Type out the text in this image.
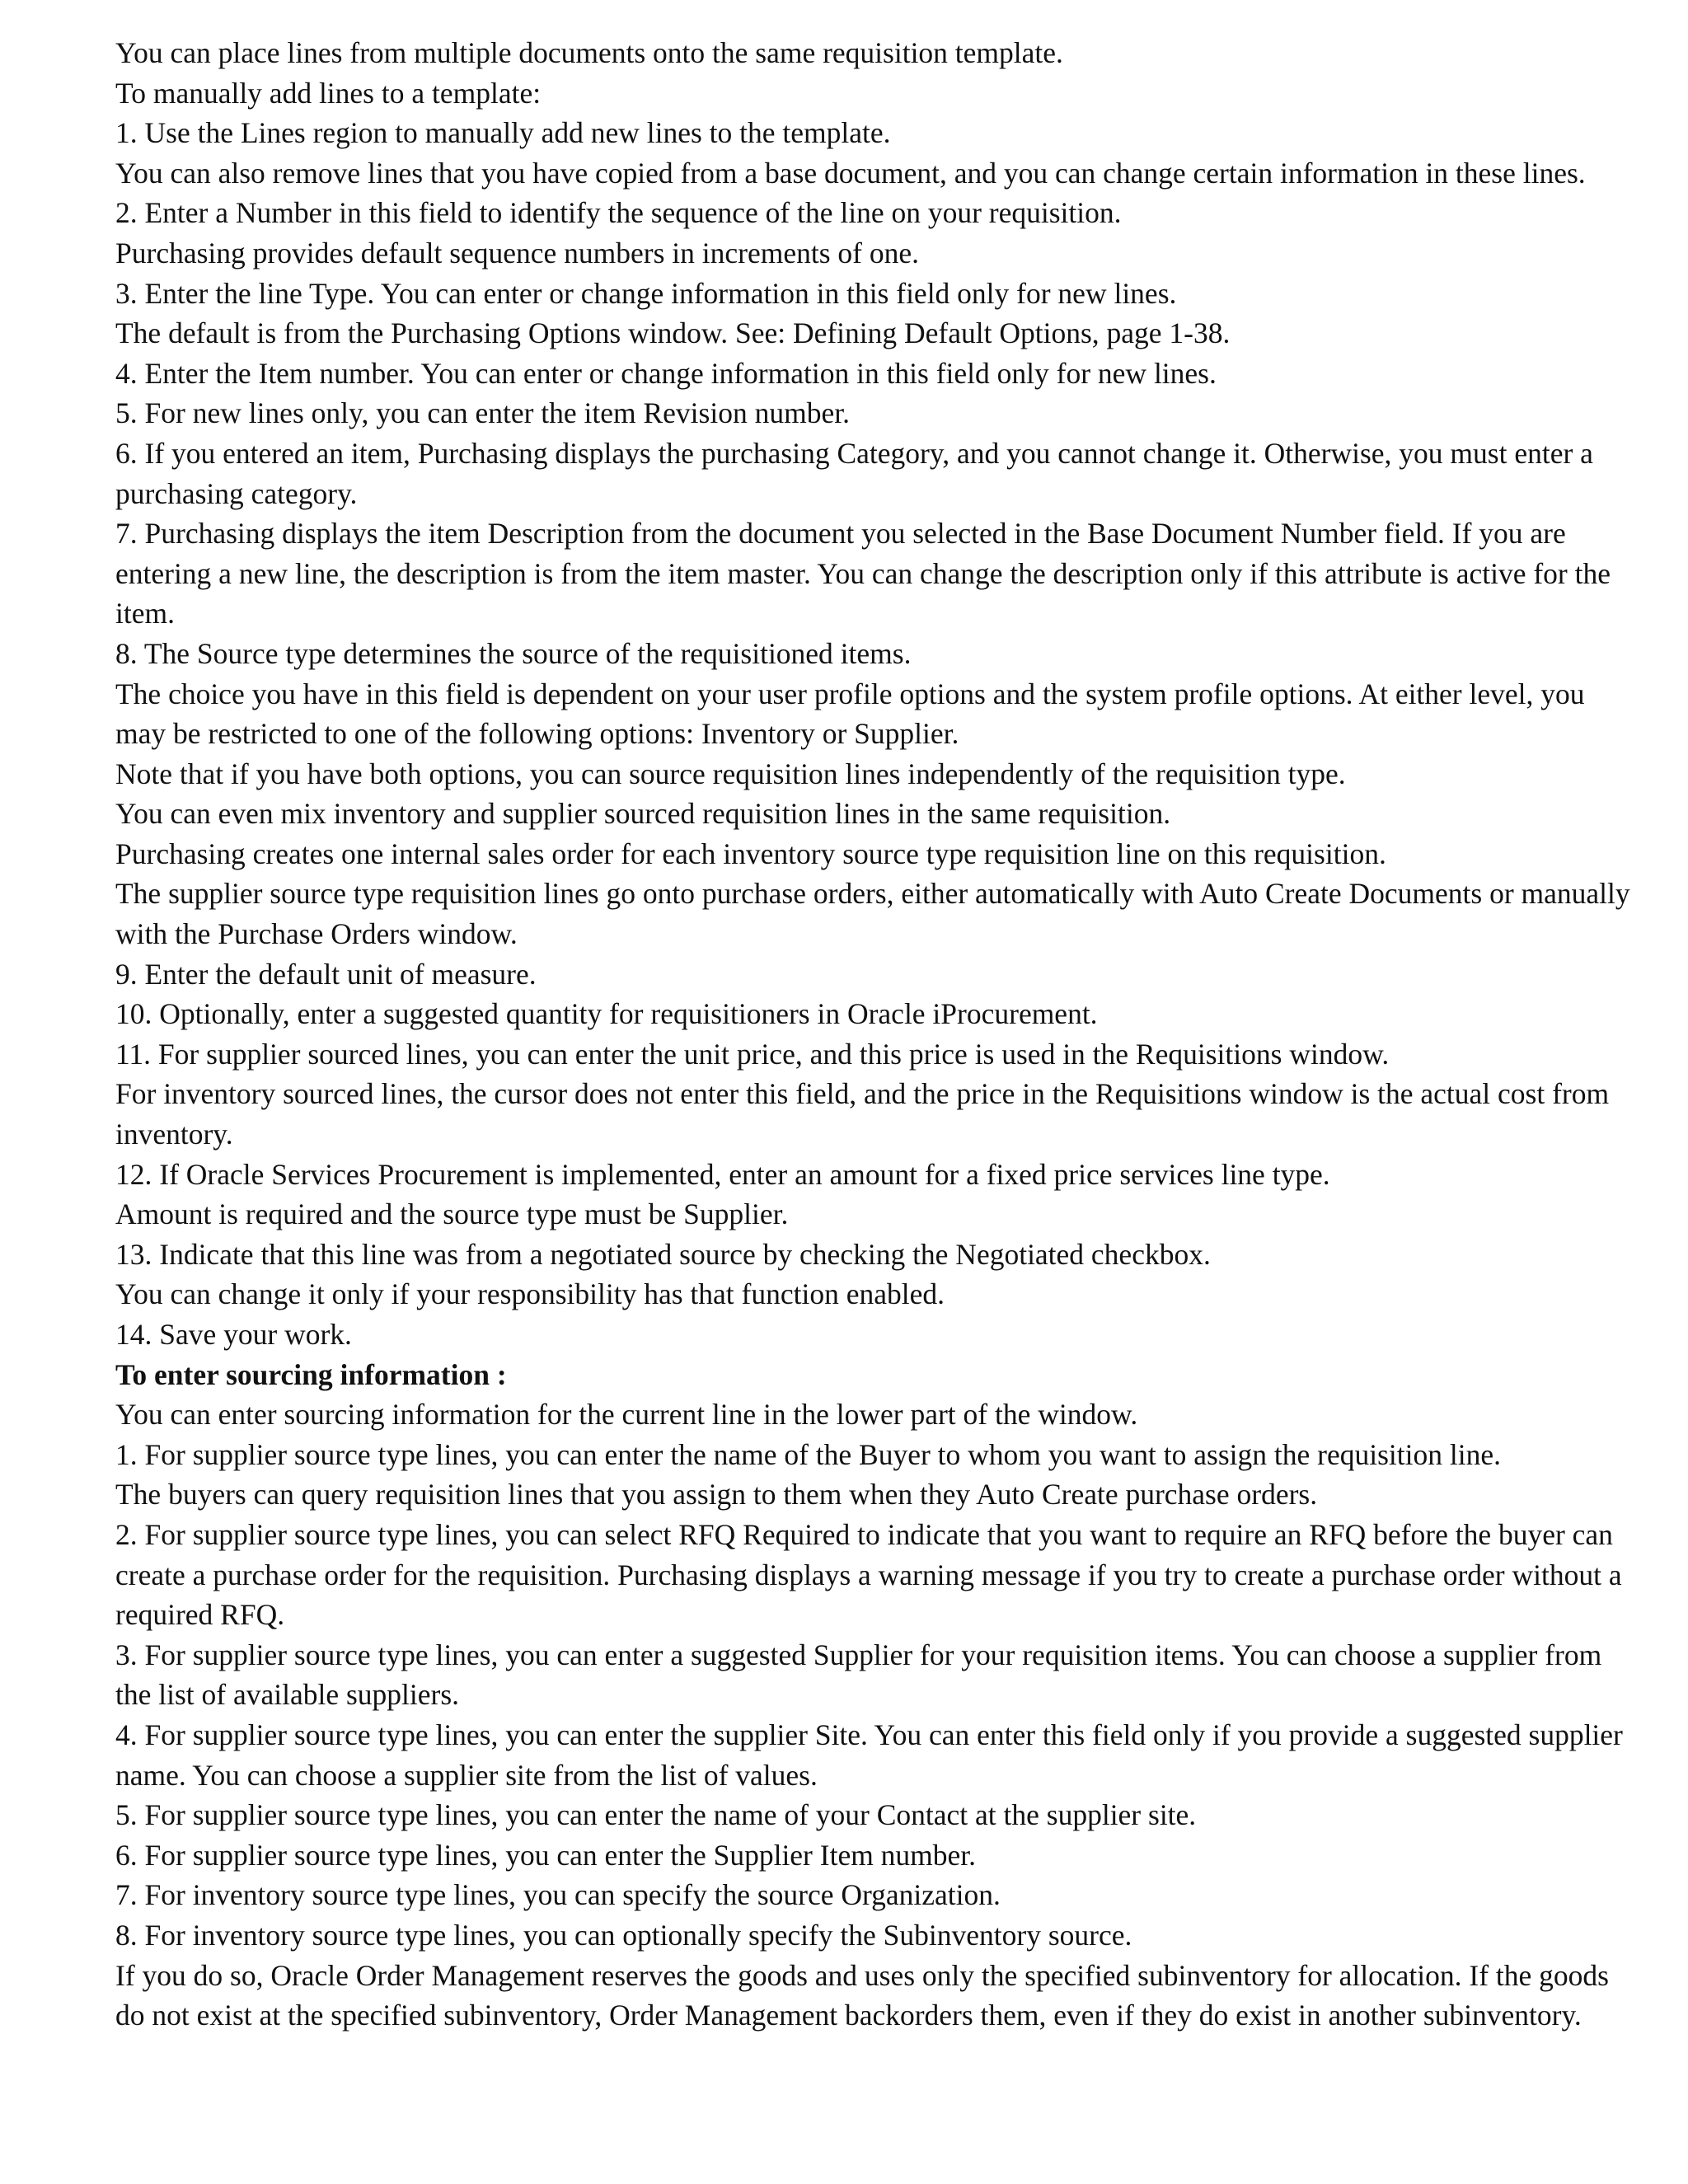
You can place lines from multiple documents onto the same requisition template.

To manually add lines to a template:

1. Use the Lines region to manually add new lines to the template.

You can also remove lines that you have copied from a base document, and you can change certain information in these lines.

2. Enter a Number in this field to identify the sequence of the line on your requisition.

Purchasing provides default sequence numbers in increments of one.

3. Enter the line Type. You can enter or change information in this field only for new lines.

The default is from the Purchasing Options window. See: Defining Default Options, page 1-38.

4. Enter the Item number. You can enter or change information in this field only for new lines.

5. For new lines only, you can enter the item Revision number.

6. If you entered an item, Purchasing displays the purchasing Category, and you cannot change it. Otherwise, you must enter a purchasing category.

7. Purchasing displays the item Description from the document you selected in the Base Document Number field. If you are entering a new line, the description is from the item master. You can change the description only if this attribute is active for the item.

8. The Source type determines the source of the requisitioned items.

The choice you have in this field is dependent on your user profile options and the system profile options. At either level, you may be restricted to one of the following options: Inventory or Supplier.

Note that if you have both options, you can source requisition lines independently of the requisition type.

You can even mix inventory and supplier sourced requisition lines in the same requisition.

Purchasing creates one internal sales order for each inventory source type requisition line on this requisition.

The supplier source type requisition lines go onto purchase orders, either automatically with Auto Create Documents or manually with the Purchase Orders window.

9. Enter the default unit of measure.

10. Optionally, enter a suggested quantity for requisitioners in Oracle iProcurement.

11. For supplier sourced lines, you can enter the unit price, and this price is used in the Requisitions window.

For inventory sourced lines, the cursor does not enter this field, and the price in the Requisitions window is the actual cost from inventory.

12. If Oracle Services Procurement is implemented, enter an amount for a fixed price services line type.

Amount is required and the source type must be Supplier.

13. Indicate that this line was from a negotiated source by checking the Negotiated checkbox.

You can change it only if your responsibility has that function enabled.

14. Save your work.

To enter sourcing information :

You can enter sourcing information for the current line in the lower part of the window.

1. For supplier source type lines, you can enter the name of the Buyer to whom you want to assign the requisition line.

The buyers can query requisition lines that you assign to them when they Auto Create purchase orders.

2. For supplier source type lines, you can select RFQ Required to indicate that you want to require an RFQ before the buyer can create a purchase order for the requisition. Purchasing displays a warning message if you try to create a purchase order without a required RFQ.

3. For supplier source type lines, you can enter a suggested Supplier for your requisition items. You can choose a supplier from the list of available suppliers.

4. For supplier source type lines, you can enter the supplier Site. You can enter this field only if you provide a suggested supplier name. You can choose a supplier site from the list of values.

5. For supplier source type lines, you can enter the name of your Contact at the supplier site.

6. For supplier source type lines, you can enter the Supplier Item number.

7. For inventory source type lines, you can specify the source Organization.

8. For inventory source type lines, you can optionally specify the Subinventory source.

If you do so, Oracle Order Management reserves the goods and uses only the specified subinventory for allocation. If the goods do not exist at the specified subinventory, Order Management backorders them, even if they do exist in another subinventory.
